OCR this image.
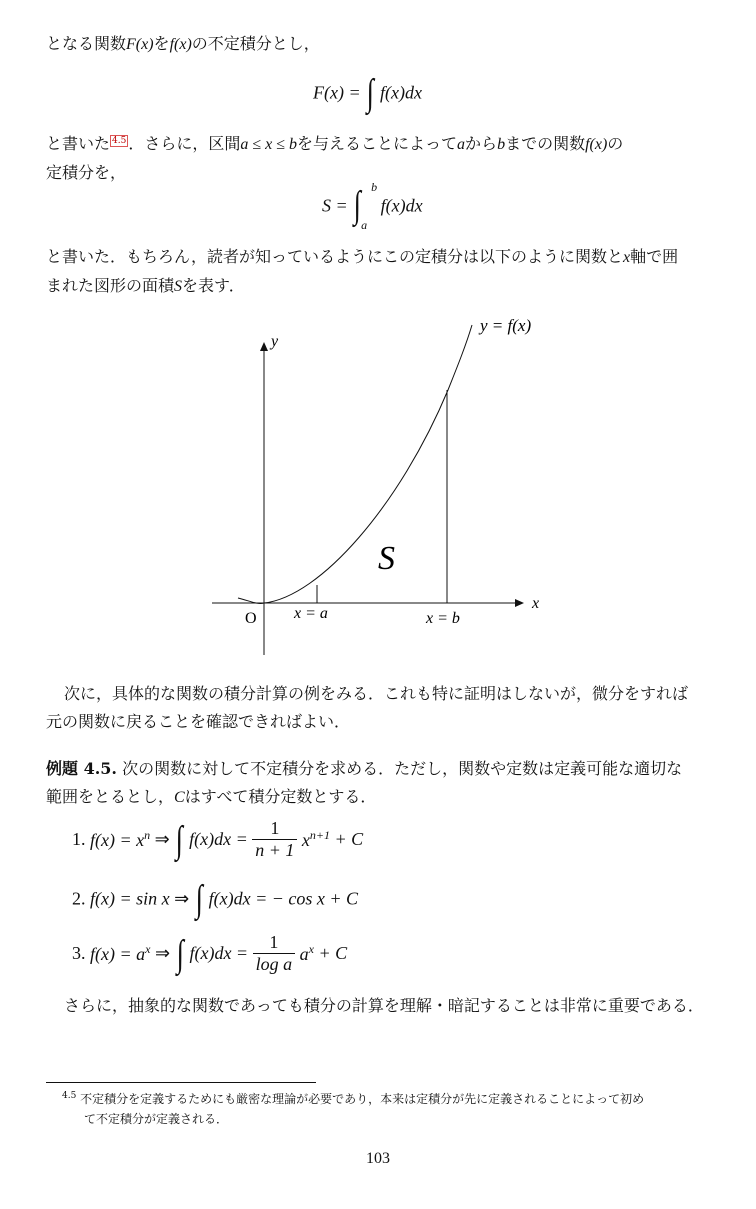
となる関数F(x)をf(x)の不定積分とし，
F(x) = ∫ f(x)dx
と書いた $^{4.5}$ ．さらに，区間a ≤ x ≤ bを与えることによってaからbまでの関数f(x)の
定積分を，
S = ∫ b
a
f(x)dx
と書いた．もちろん，読者が知っているようにこの定積分は以下のように関数とx軸で囲
まれた図形の面積Sを表す．
y = f(x)
y
x
O
S
x = a	x = b
次に，具体的な関数の積分計算の例をみる．これも特に証明はしないが，微分をすれば
元の関数に戻ることを確認できればよい．
例題 4.5. 次の関数に対して不定積分を求める．ただし，関数や定数は定義可能な適切な
範囲をとるとし，Cはすべて積分定数とする．
1. $f(x) = x^n$ ⇒ ∫ $f(x)dx = \frac{1}{n + 1} x^{n+1} + C$
2. f(x) = sin x ⇒ ∫ f(x)dx = − cos x + C
3. $f(x) = a^x$ ⇒ ∫ $f(x)dx = \frac{1}{\text{log a}} a^x + C$
さらに，抽象的な関数であっても積分の計算を理解・暗記することは非常に重要である．
$^{4.5}$ 不定積分を定義するためにも厳密な理論が必要であり，本来は定積分が先に定義されることによって初め
て不定積分が定義される．
103
